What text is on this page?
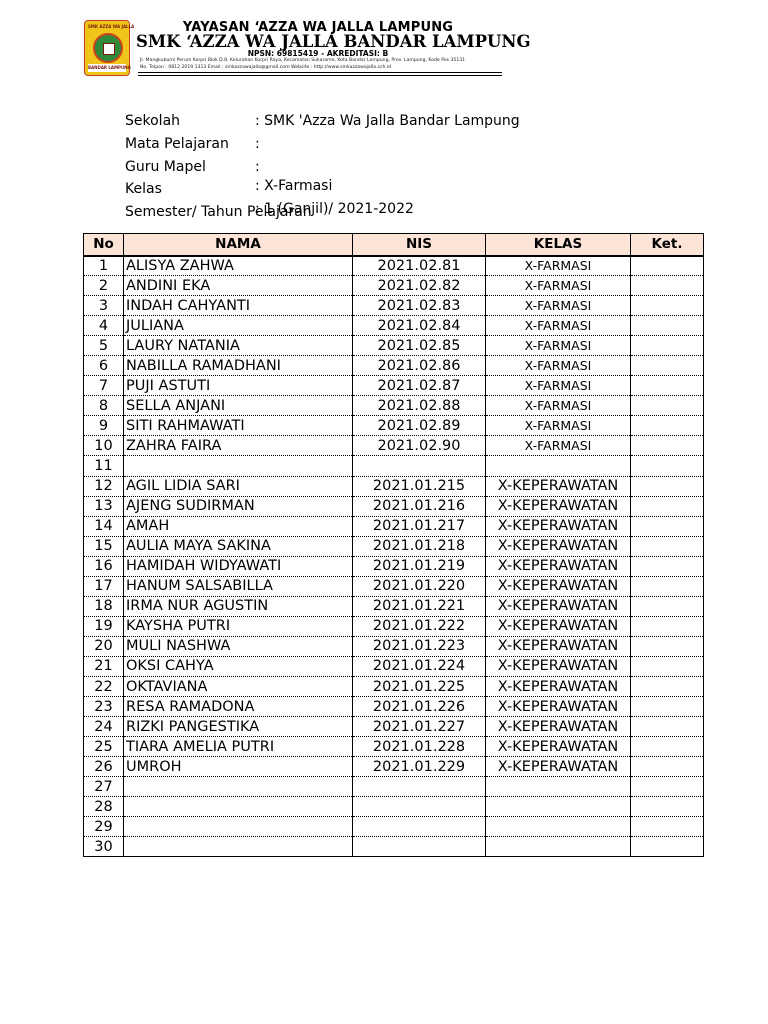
SMK AZZA WA JALLA
BANDAR LAMPUNG
YAYASAN ‘AZZA WA JALLA LAMPUNG
SMK ‘AZZA WA JALLA BANDAR LAMPUNG
NPSN: 69815419 - AKREDITASI: B
Jl. Mangkubumi Perum Korpri Blok D.8, Kelurahan Korpri Raya, Kecamatan Sukarame, Kota Bandar Lampung, Prov. Lampung, Kode Pos 35131
No. Telpon : 0812 2019 1313 Email : smkazzawajalla@gmail.com Website : http://www.smkazzawajalla.sch.id
Sekolah	: SMK 'Azza Wa Jalla Bandar Lampung
Mata Pelajaran	:
Guru Mapel	:
Kelas	: X-Farmasi
Semester/ Tahun Pelajaran
: 1 (Ganjil)/ 2021-2022
No	NAMA	NIS	KELAS	Ket.
1	ALISYA ZAHWA	2021.02.81	X-FARMASI	
2	ANDINI EKA	2021.02.82	X-FARMASI	
3	INDAH CAHYANTI	2021.02.83	X-FARMASI	
4	JULIANA	2021.02.84	X-FARMASI	
5	LAURY NATANIA	2021.02.85	X-FARMASI	
6	NABILLA RAMADHANI	2021.02.86	X-FARMASI	
7	PUJI ASTUTI	2021.02.87	X-FARMASI	
8	SELLA ANJANI	2021.02.88	X-FARMASI	
9	SITI RAHMAWATI	2021.02.89	X-FARMASI	
10	ZAHRA FAIRA	2021.02.90	X-FARMASI	
11				
12	AGIL LIDIA SARI	2021.01.215	X-KEPERAWATAN	
13	AJENG SUDIRMAN	2021.01.216	X-KEPERAWATAN	
14	AMAH	2021.01.217	X-KEPERAWATAN	
15	AULIA MAYA SAKINA	2021.01.218	X-KEPERAWATAN	
16	HAMIDAH WIDYAWATI	2021.01.219	X-KEPERAWATAN	
17	HANUM SALSABILLA	2021.01.220	X-KEPERAWATAN	
18	IRMA NUR AGUSTIN	2021.01.221	X-KEPERAWATAN	
19	KAYSHA PUTRI	2021.01.222	X-KEPERAWATAN	
20	MULI NASHWA	2021.01.223	X-KEPERAWATAN	
21	OKSI CAHYA	2021.01.224	X-KEPERAWATAN	
22	OKTAVIANA	2021.01.225	X-KEPERAWATAN	
23	RESA RAMADONA	2021.01.226	X-KEPERAWATAN	
24	RIZKI PANGESTIKA	2021.01.227	X-KEPERAWATAN	
25	TIARA AMELIA PUTRI	2021.01.228	X-KEPERAWATAN	
26	UMROH	2021.01.229	X-KEPERAWATAN	
27				
28				
29				
30				
